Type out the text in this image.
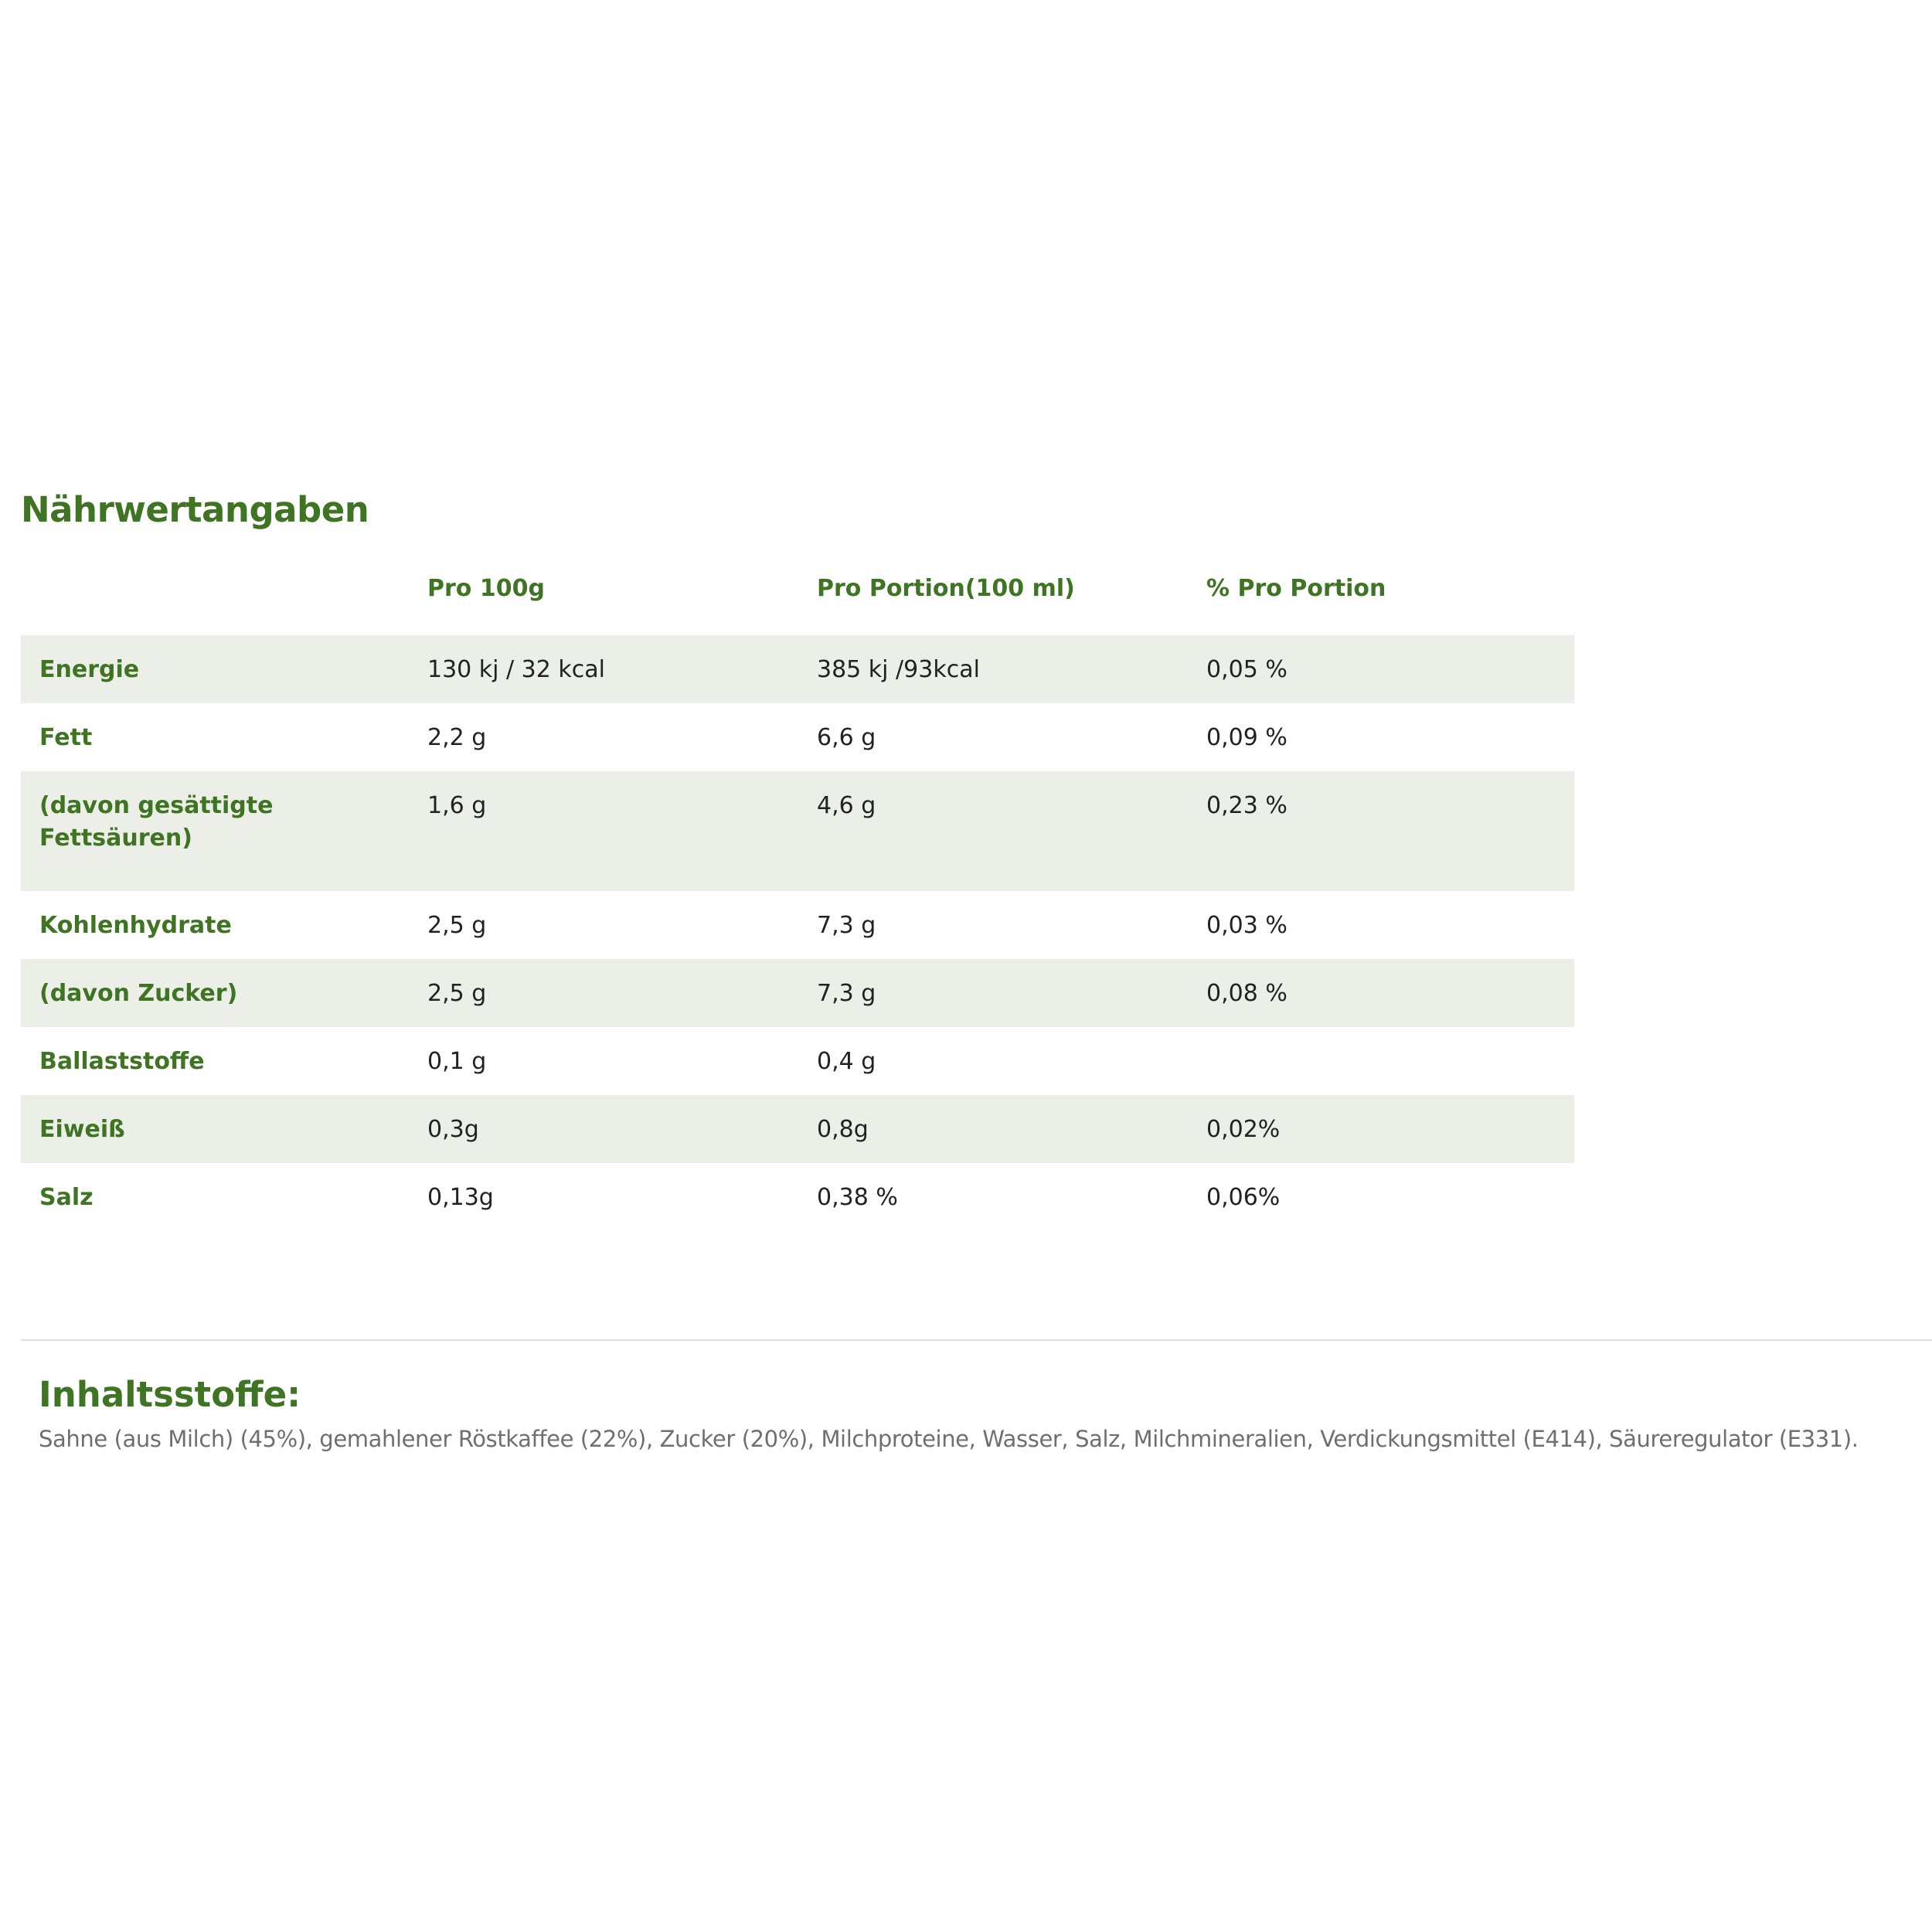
Nährwertangaben
	Pro 100g	Pro Portion(100 ml)	% Pro Portion
Energie	130 kj / 32 kcal	385 kj /93kcal	0,05 %
Fett	2,2 g	6,6 g	0,09 %
(davon gesättigte Fettsäuren)	1,6 g	4,6 g	0,23 %
Kohlenhydrate	2,5 g	7,3 g	0,03 %
(davon Zucker)	2,5 g	7,3 g	0,08 %
Ballaststoffe	0,1 g	0,4 g	
Eiweiß	0,3g	0,8g	0,02%
Salz	0,13g	0,38 %	0,06%
Inhaltsstoffe:

Sahne (aus Milch) (45%), gemahlener Röstkaffee (22%), Zucker (20%), Milchproteine, Wasser, Salz, Milchmineralien, Verdickungsmittel (E414), Säureregulator (E331).
